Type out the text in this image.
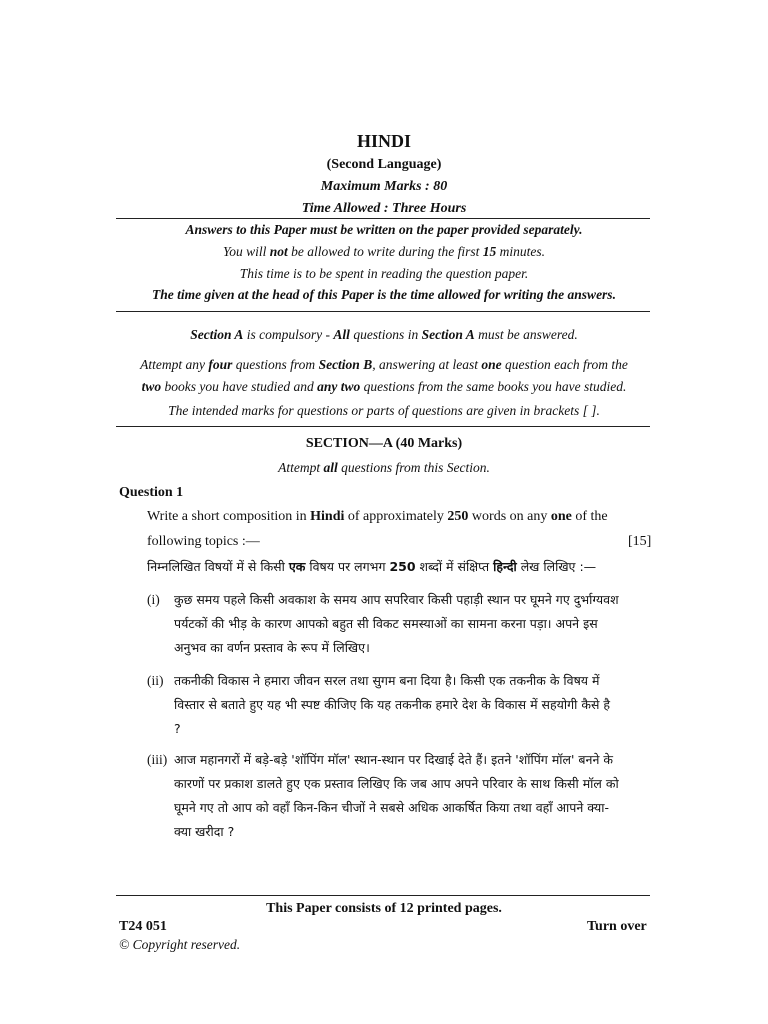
HINDI
(Second Language)
Maximum Marks : 80
Time Allowed : Three Hours
Answers to this Paper must be written on the paper provided separately.
You will not be allowed to write during the first 15 minutes.
This time is to be spent in reading the question paper.
The time given at the head of this Paper is the time allowed for writing the answers.
Section A is compulsory - All questions in Section A must be answered.
Attempt any four questions from Section B, answering at least one question each from the
two books you have studied and any two questions from the same books you have studied.
The intended marks for questions or parts of questions are given in brackets [ ].
SECTION—A (40 Marks)
Attempt all questions from this Section.
Question 1
Write a short composition in Hindi of approximately 250 words on any one of the
following topics :—	[15]
निम्नलिखित विषयों में से किसी एक विषय पर लगभग 250 शब्दों में संक्षिप्त हिन्दी लेख लिखिए :—
(i) कुछ समय पहले किसी अवकाश के समय आप सपरिवार किसी पहाड़ी स्थान पर घूमने गए दुर्भाग्यवश पर्यटकों की भीड़ के कारण आपको बहुत सी विकट समस्याओं का सामना करना पड़ा। अपने इस अनुभव का वर्णन प्रस्ताव के रूप में लिखिए।
(ii) तकनीकी विकास ने हमारा जीवन सरल तथा सुगम बना दिया है। किसी एक तकनीक के विषय में विस्तार से बताते हुए यह भी स्पष्ट कीजिए कि यह तकनीक हमारे देश के विकास में सहयोगी कैसे है ?
(iii) आज महानगरों में बड़े-बड़े 'शॉपिंग मॉल' स्थान-स्थान पर दिखाई देते हैं। इतने 'शॉपिंग मॉल' बनने के कारणों पर प्रकाश डालते हुए एक प्रस्ताव लिखिए कि जब आप अपने परिवार के साथ किसी मॉल को घूमने गए तो आप को वहाँ किन-किन चीजों ने सबसे अधिक आकर्षित किया तथा वहाँ आपने क्या-क्या खरीदा ?
This Paper consists of 12 printed pages.
T24 051	Turn over
© Copyright reserved.
